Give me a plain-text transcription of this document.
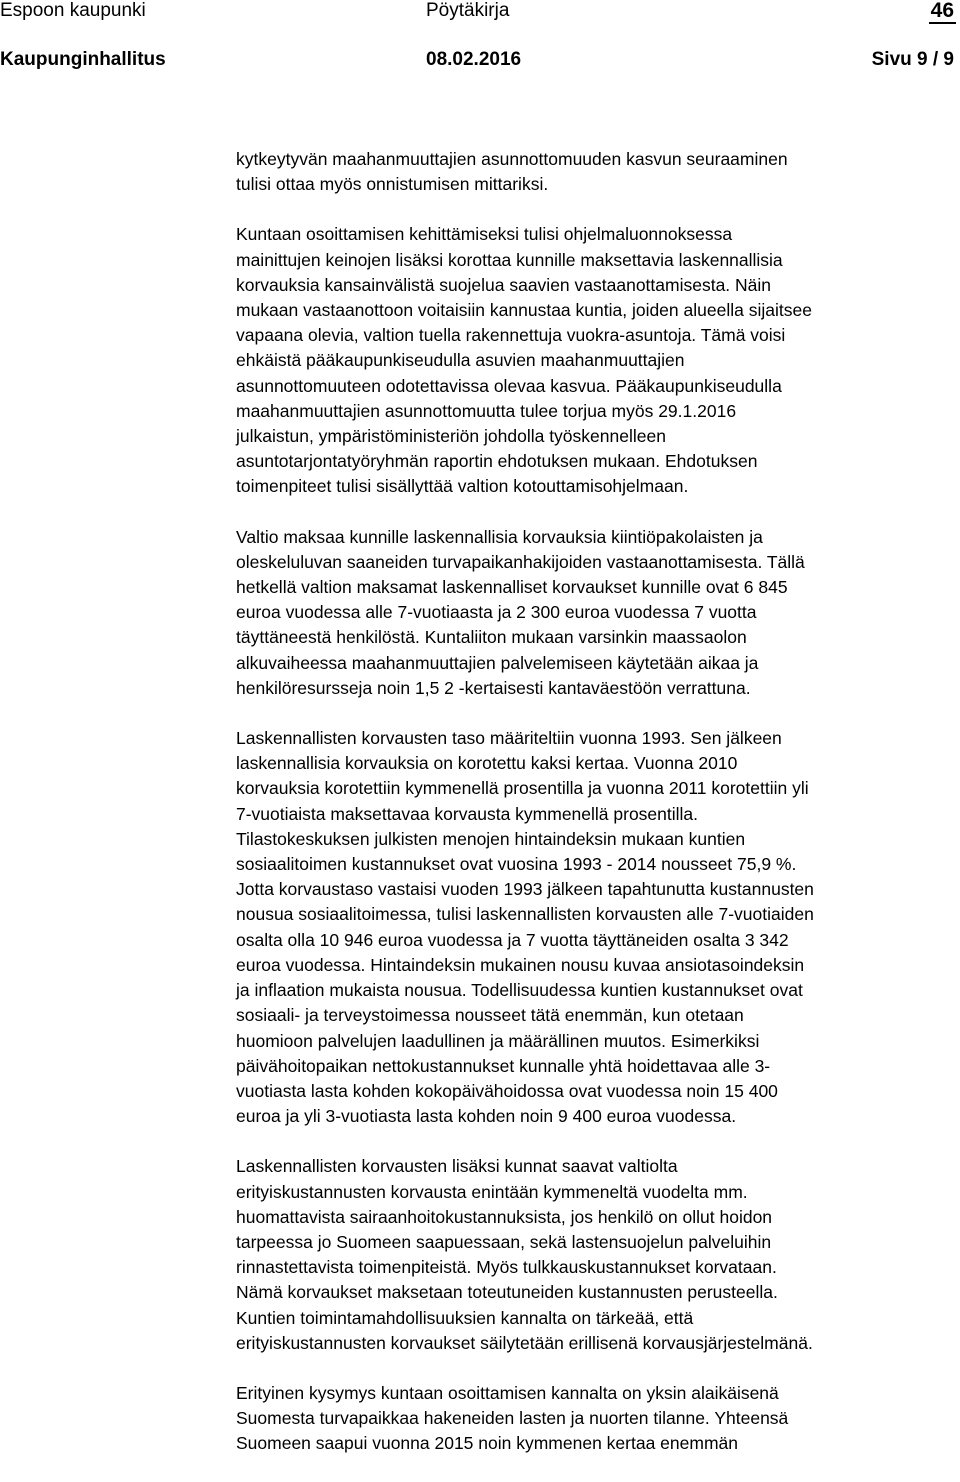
Espoon kaupunki	Pöytäkirja	46
Kaupunginhallitus	08.02.2016	Sivu 9 / 9
kytkeytyvän maahanmuuttajien asunnottomuuden kasvun seuraaminen
tulisi ottaa myös onnistumisen mittariksi.
Kuntaan osoittamisen kehittämiseksi tulisi ohjelmaluonnoksessa
mainittujen keinojen lisäksi korottaa kunnille maksettavia laskennallisia
korvauksia kansainvälistä suojelua saavien vastaanottamisesta. Näin
mukaan vastaanottoon voitaisiin kannustaa kuntia, joiden alueella sijaitsee
vapaana olevia, valtion tuella rakennettuja vuokra-asuntoja. Tämä voisi
ehkäistä pääkaupunkiseudulla asuvien maahanmuuttajien
asunnottomuuteen odotettavissa olevaa kasvua. Pääkaupunkiseudulla
maahanmuuttajien asunnottomuutta tulee torjua myös 29.1.2016
julkaistun, ympäristöministeriön johdolla työskennelleen
asuntotarjontatyöryhmän raportin ehdotuksen mukaan. Ehdotuksen
toimenpiteet tulisi sisällyttää valtion kotouttamisohjelmaan.
Valtio maksaa kunnille laskennallisia korvauksia kiintiöpakolaisten ja
oleskeluluvan saaneiden turvapaikanhakijoiden vastaanottamisesta. Tällä
hetkellä valtion maksamat laskennalliset korvaukset kunnille ovat 6 845
euroa vuodessa alle 7-vuotiaasta ja 2 300 euroa vuodessa 7 vuotta
täyttäneestä henkilöstä. Kuntaliiton mukaan varsinkin maassaolon
alkuvaiheessa maahanmuuttajien palvelemiseen käytetään aikaa ja
henkilöresursseja noin 1,5 2 -kertaisesti kantaväestöön verrattuna.
Laskennallisten korvausten taso määriteltiin vuonna 1993. Sen jälkeen
laskennallisia korvauksia on korotettu kaksi kertaa. Vuonna 2010
korvauksia korotettiin kymmenellä prosentilla ja vuonna 2011 korotettiin yli
7-vuotiaista maksettavaa korvausta kymmenellä prosentilla.
Tilastokeskuksen julkisten menojen hintaindeksin mukaan kuntien
sosiaalitoimen kustannukset ovat vuosina 1993 - 2014 nousseet 75,9 %.
Jotta korvaustaso vastaisi vuoden 1993 jälkeen tapahtunutta kustannusten
nousua sosiaalitoimessa, tulisi laskennallisten korvausten alle 7-vuotiaiden
osalta olla 10 946 euroa vuodessa ja 7 vuotta täyttäneiden osalta 3 342
euroa vuodessa. Hintaindeksin mukainen nousu kuvaa ansiotasoindeksin
ja inflaation mukaista nousua. Todellisuudessa kuntien kustannukset ovat
sosiaali- ja terveystoimessa nousseet tätä enemmän, kun otetaan
huomioon palvelujen laadullinen ja määrällinen muutos. Esimerkiksi
päivähoitopaikan nettokustannukset kunnalle yhtä hoidettavaa alle 3-
vuotiasta lasta kohden kokopäivähoidossa ovat vuodessa noin 15 400
euroa ja yli 3-vuotiasta lasta kohden noin 9 400 euroa vuodessa.
Laskennallisten korvausten lisäksi kunnat saavat valtiolta
erityiskustannusten korvausta enintään kymmeneltä vuodelta mm.
huomattavista sairaanhoitokustannuksista, jos henkilö on ollut hoidon
tarpeessa jo Suomeen saapuessaan, sekä lastensuojelun palveluihin
rinnastettavista toimenpiteistä. Myös tulkkauskustannukset korvataan.
Nämä korvaukset maksetaan toteutuneiden kustannusten perusteella.
Kuntien toimintamahdollisuuksien kannalta on tärkeää, että
erityiskustannusten korvaukset säilytetään erillisenä korvausjärjestelmänä.
Erityinen kysymys kuntaan osoittamisen kannalta on yksin alaikäisenä
Suomesta turvapaikkaa hakeneiden lasten ja nuorten tilanne. Yhteensä
Suomeen saapui vuonna 2015 noin kymmenen kertaa enemmän
